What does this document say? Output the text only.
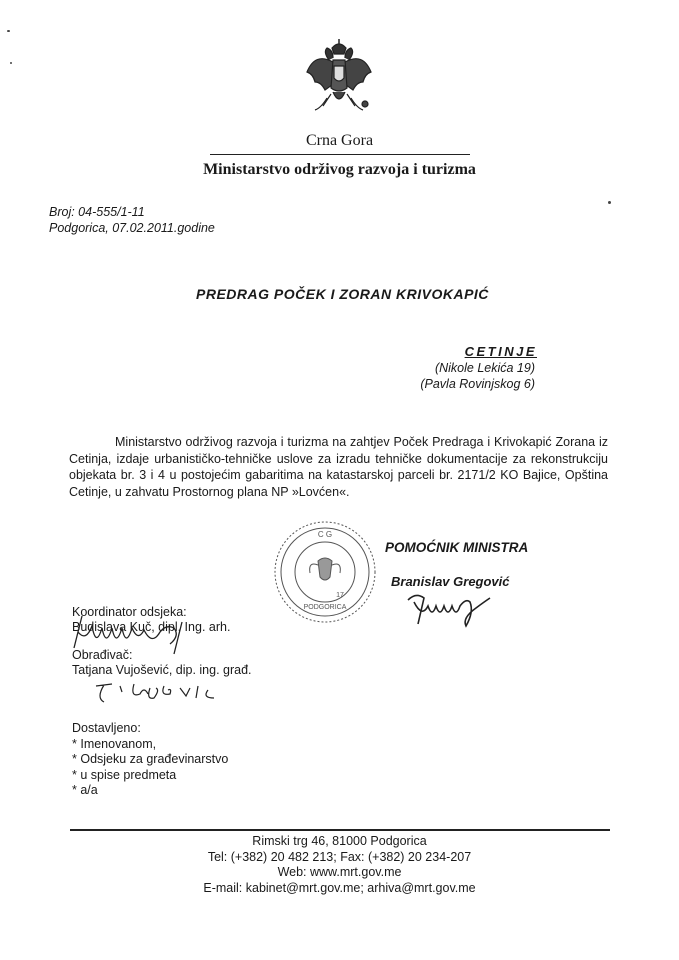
Crna Gora
Ministarstvo održivog razvoja i turizma
Broj: 04-555/1-11
Podgorica, 07.02.2011.godine
PREDRAG POČEK I ZORAN KRIVOKAPIĆ
CETINJE
(Nikole Lekića 19)
(Pavla Rovinjskog 6)
Ministarstvo održivog razvoja i turizma na zahtjev Poček Predraga i Krivokapić Zorana iz Cetinja, izdaje urbanističko-tehničke uslove za izradu tehničke dokumentacije za rekonstrukciju objekata br. 3 i 4 u postojećim gabaritima na katastarskoj parceli br. 2171/2 KO Bajice, Opština Cetinje, u zahvatu Prostornog plana NP »Lovćen«.
C G
PODGORICA
17
POMOĆNIK MINISTRA
Branislav Gregović
Koordinator odsjeka:
Budislava Kuč, dipl. Ing. arh.
Obrađivač:
Tatjana Vujošević, dip. ing. građ.
Dostavljeno:
* Imenovanom,
* Odsjeku za građevinarstvo
* u spise predmeta
* a/a
Rimski trg 46, 81000 Podgorica
Tel: (+382) 20 482 213; Fax: (+382) 20 234-207
Web: www.mrt.gov.me
E-mail: kabinet@mrt.gov.me; arhiva@mrt.gov.me
